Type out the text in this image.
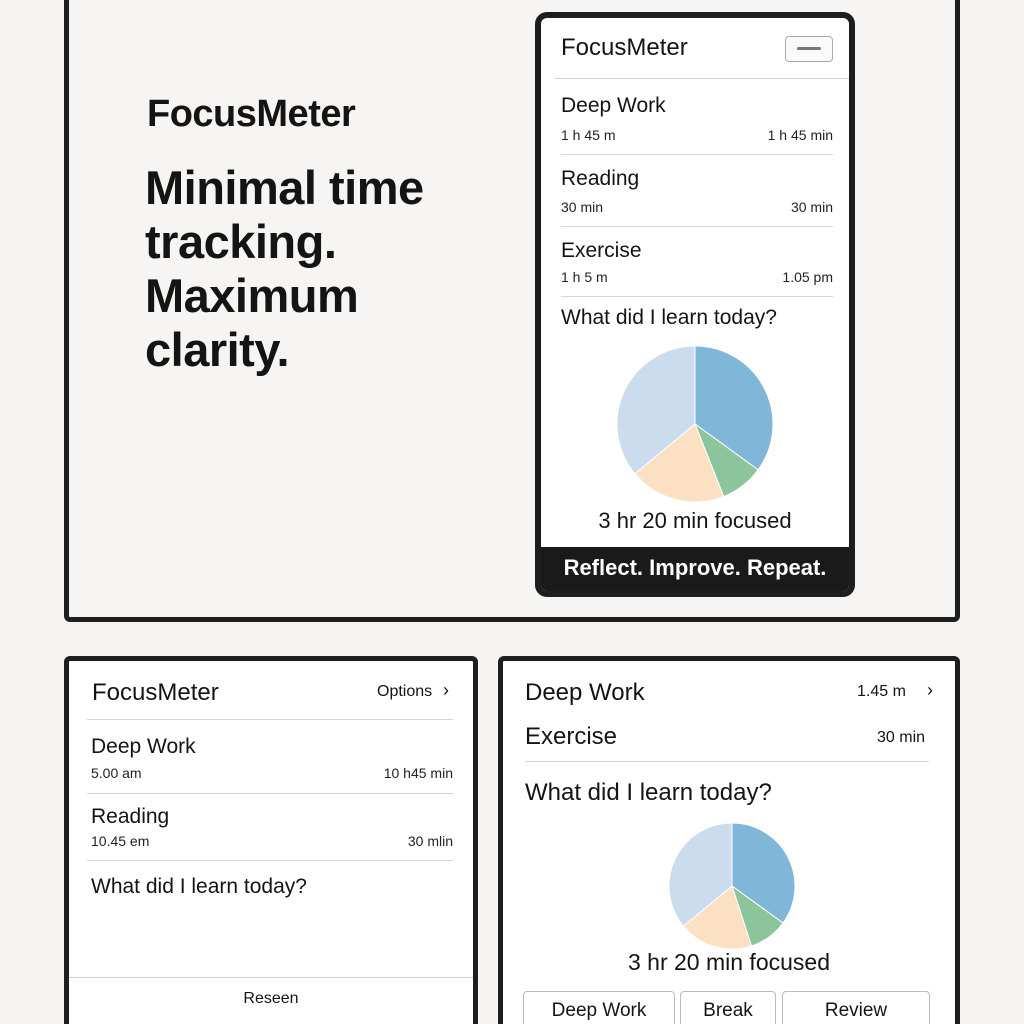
FocusMeter
Minimal time
tracking.
Maximum
clarity.
FocusMeter
Deep Work
1 h 45 m	1 h 45 min
Reading
30 min	30 min
Exercise
1 h 5 m	1.05 pm
What did I learn today?
3 hr 20 min focused
Reflect. Improve. Repeat.
FocusMeter	Options ›
Deep Work
5.00 am	10 h45 min
Reading
10.45 em	30 mlin
What did I learn today?
Reseen
Deep Work	1.45 m ›
Exercise	30 min
What did I learn today?
3 hr 20 min focused
Deep Work	Break	Review
